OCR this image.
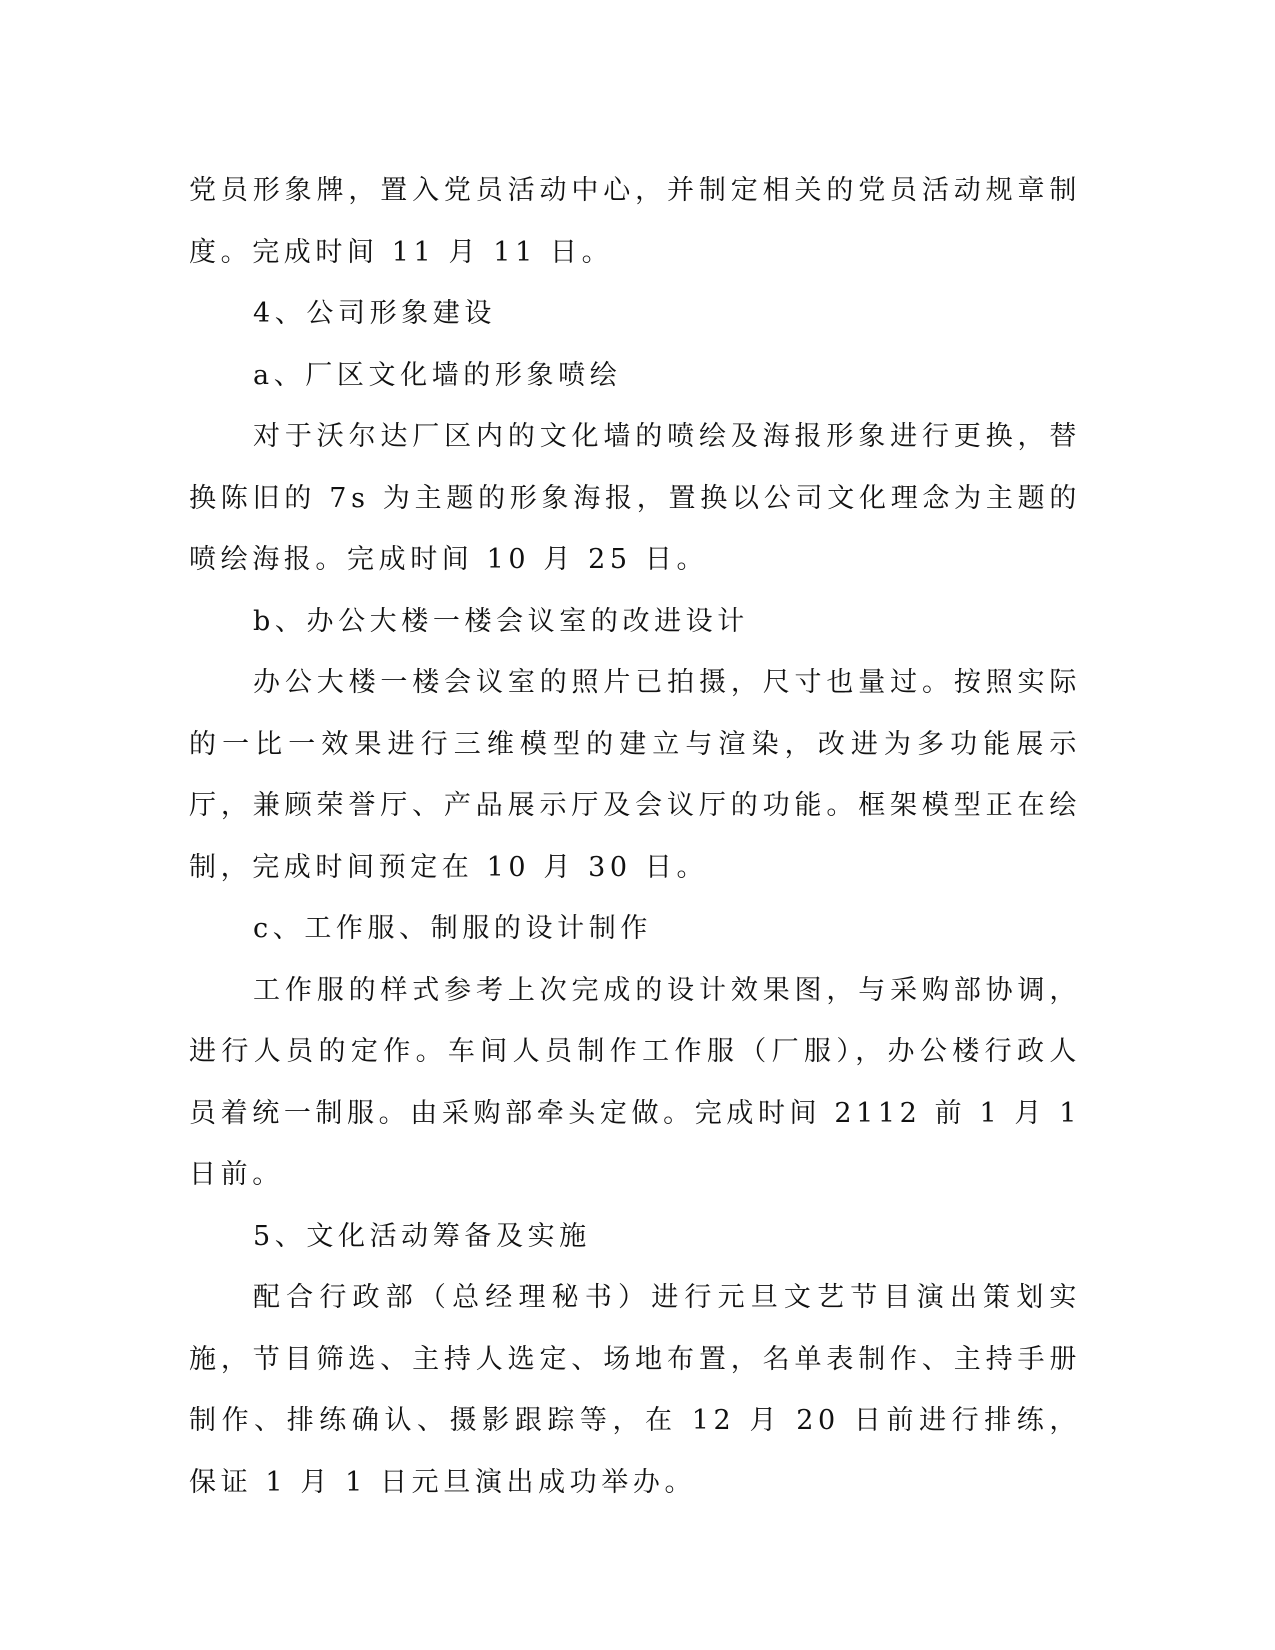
党员形象牌，置入党员活动中心，并制定相关的党员活动规章制度。完成时间 11 月 11 日。

4、公司形象建设

a、厂区文化墙的形象喷绘

对于沃尔达厂区内的文化墙的喷绘及海报形象进行更换，替换陈旧的 7s 为主题的形象海报，置换以公司文化理念为主题的喷绘海报。完成时间 10 月 25 日。

b、办公大楼一楼会议室的改进设计

办公大楼一楼会议室的照片已拍摄，尺寸也量过。按照实际的一比一效果进行三维模型的建立与渲染，改进为多功能展示厅，兼顾荣誉厅、产品展示厅及会议厅的功能。框架模型正在绘制，完成时间预定在 10 月 30 日。

c、工作服、制服的设计制作

工作服的样式参考上次完成的设计效果图，与采购部协调，进行人员的定作。车间人员制作工作服（厂服），办公楼行政人员着统一制服。由采购部牵头定做。完成时间 2112 前 1 月 1 日前。

5、文化活动筹备及实施

配合行政部（总经理秘书）进行元旦文艺节目演出策划实施，节目筛选、主持人选定、场地布置，名单表制作、主持手册制作、排练确认、摄影跟踪等，在 12 月 20 日前进行排练，保证 1 月 1 日元旦演出成功举办。
